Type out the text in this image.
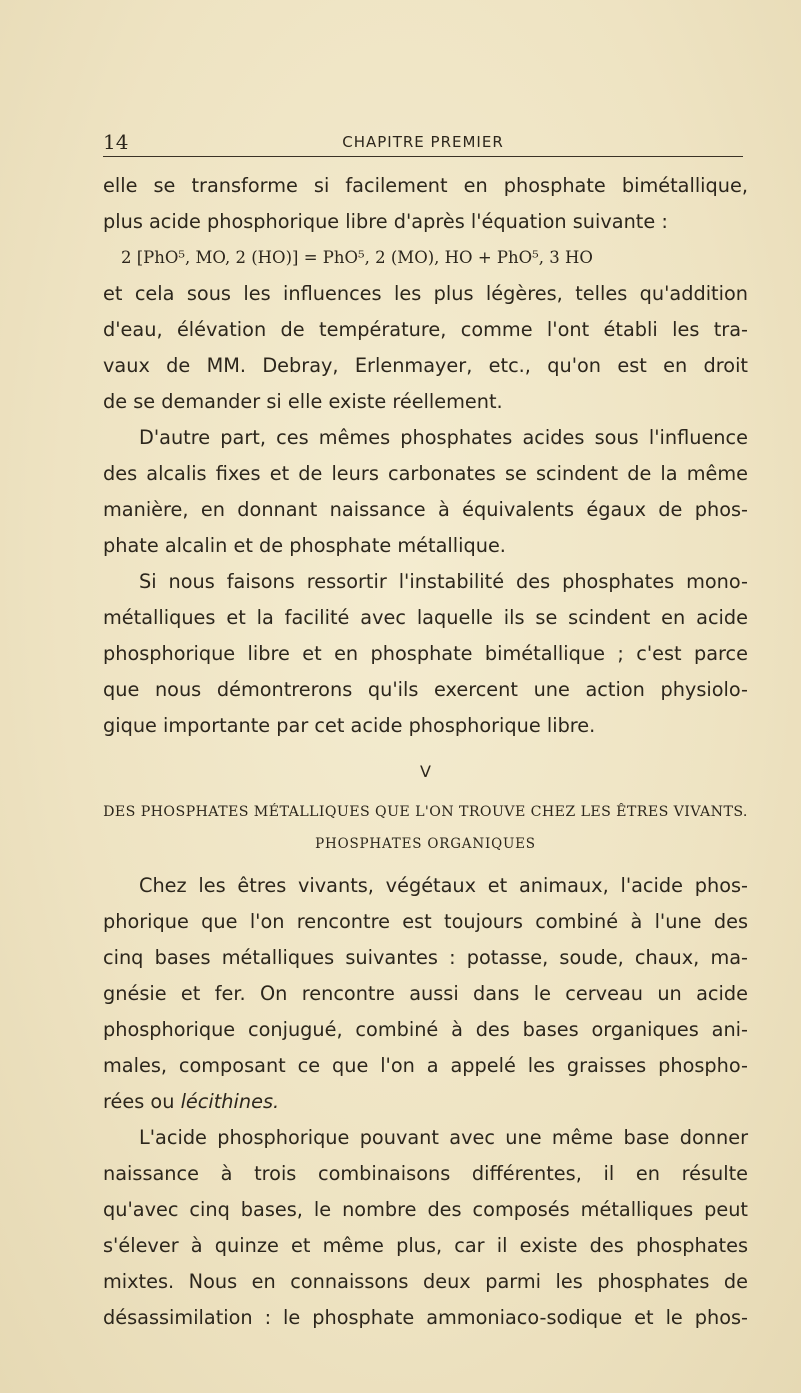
14	CHAPITRE PREMIER
elle se transforme si facilement en phosphate bimétallique,
plus acide phosphorique libre d'après l'équation suivante :
2 [PhO⁵, MO, 2 (HO)] = PhO⁵, 2 (MO), HO + PhO⁵, 3 HO
et cela sous les influences les plus légères, telles qu'addition
d'eau, élévation de température, comme l'ont établi les tra-
vaux de MM. Debray, Erlenmayer, etc., qu'on est en droit
de se demander si elle existe réellement.
D'autre part, ces mêmes phosphates acides sous l'influence
des alcalis fixes et de leurs carbonates se scindent de la même
manière, en donnant naissance à équivalents égaux de phos-
phate alcalin et de phosphate métallique.
Si nous faisons ressortir l'instabilité des phosphates mono-
métalliques et la facilité avec laquelle ils se scindent en acide
phosphorique libre et en phosphate bimétallique ; c'est parce
que nous démontrerons qu'ils exercent une action physiolo-
gique importante par cet acide phosphorique libre.
V
DES PHOSPHATES MÉTALLIQUES QUE L'ON TROUVE CHEZ LES ÊTRES VIVANTS.
PHOSPHATES ORGANIQUES
Chez les êtres vivants, végétaux et animaux, l'acide phos-
phorique que l'on rencontre est toujours combiné à l'une des
cinq bases métalliques suivantes : potasse, soude, chaux, ma-
gnésie et fer. On rencontre aussi dans le cerveau un acide
phosphorique conjugué, combiné à des bases organiques ani-
males, composant ce que l'on a appelé les graisses phospho-
rées ou lécithines.
L'acide phosphorique pouvant avec une même base donner
naissance à trois combinaisons différentes, il en résulte
qu'avec cinq bases, le nombre des composés métalliques peut
s'élever à quinze et même plus, car il existe des phosphates
mixtes. Nous en connaissons deux parmi les phosphates de
désassimilation : le phosphate ammoniaco-sodique et le phos-
